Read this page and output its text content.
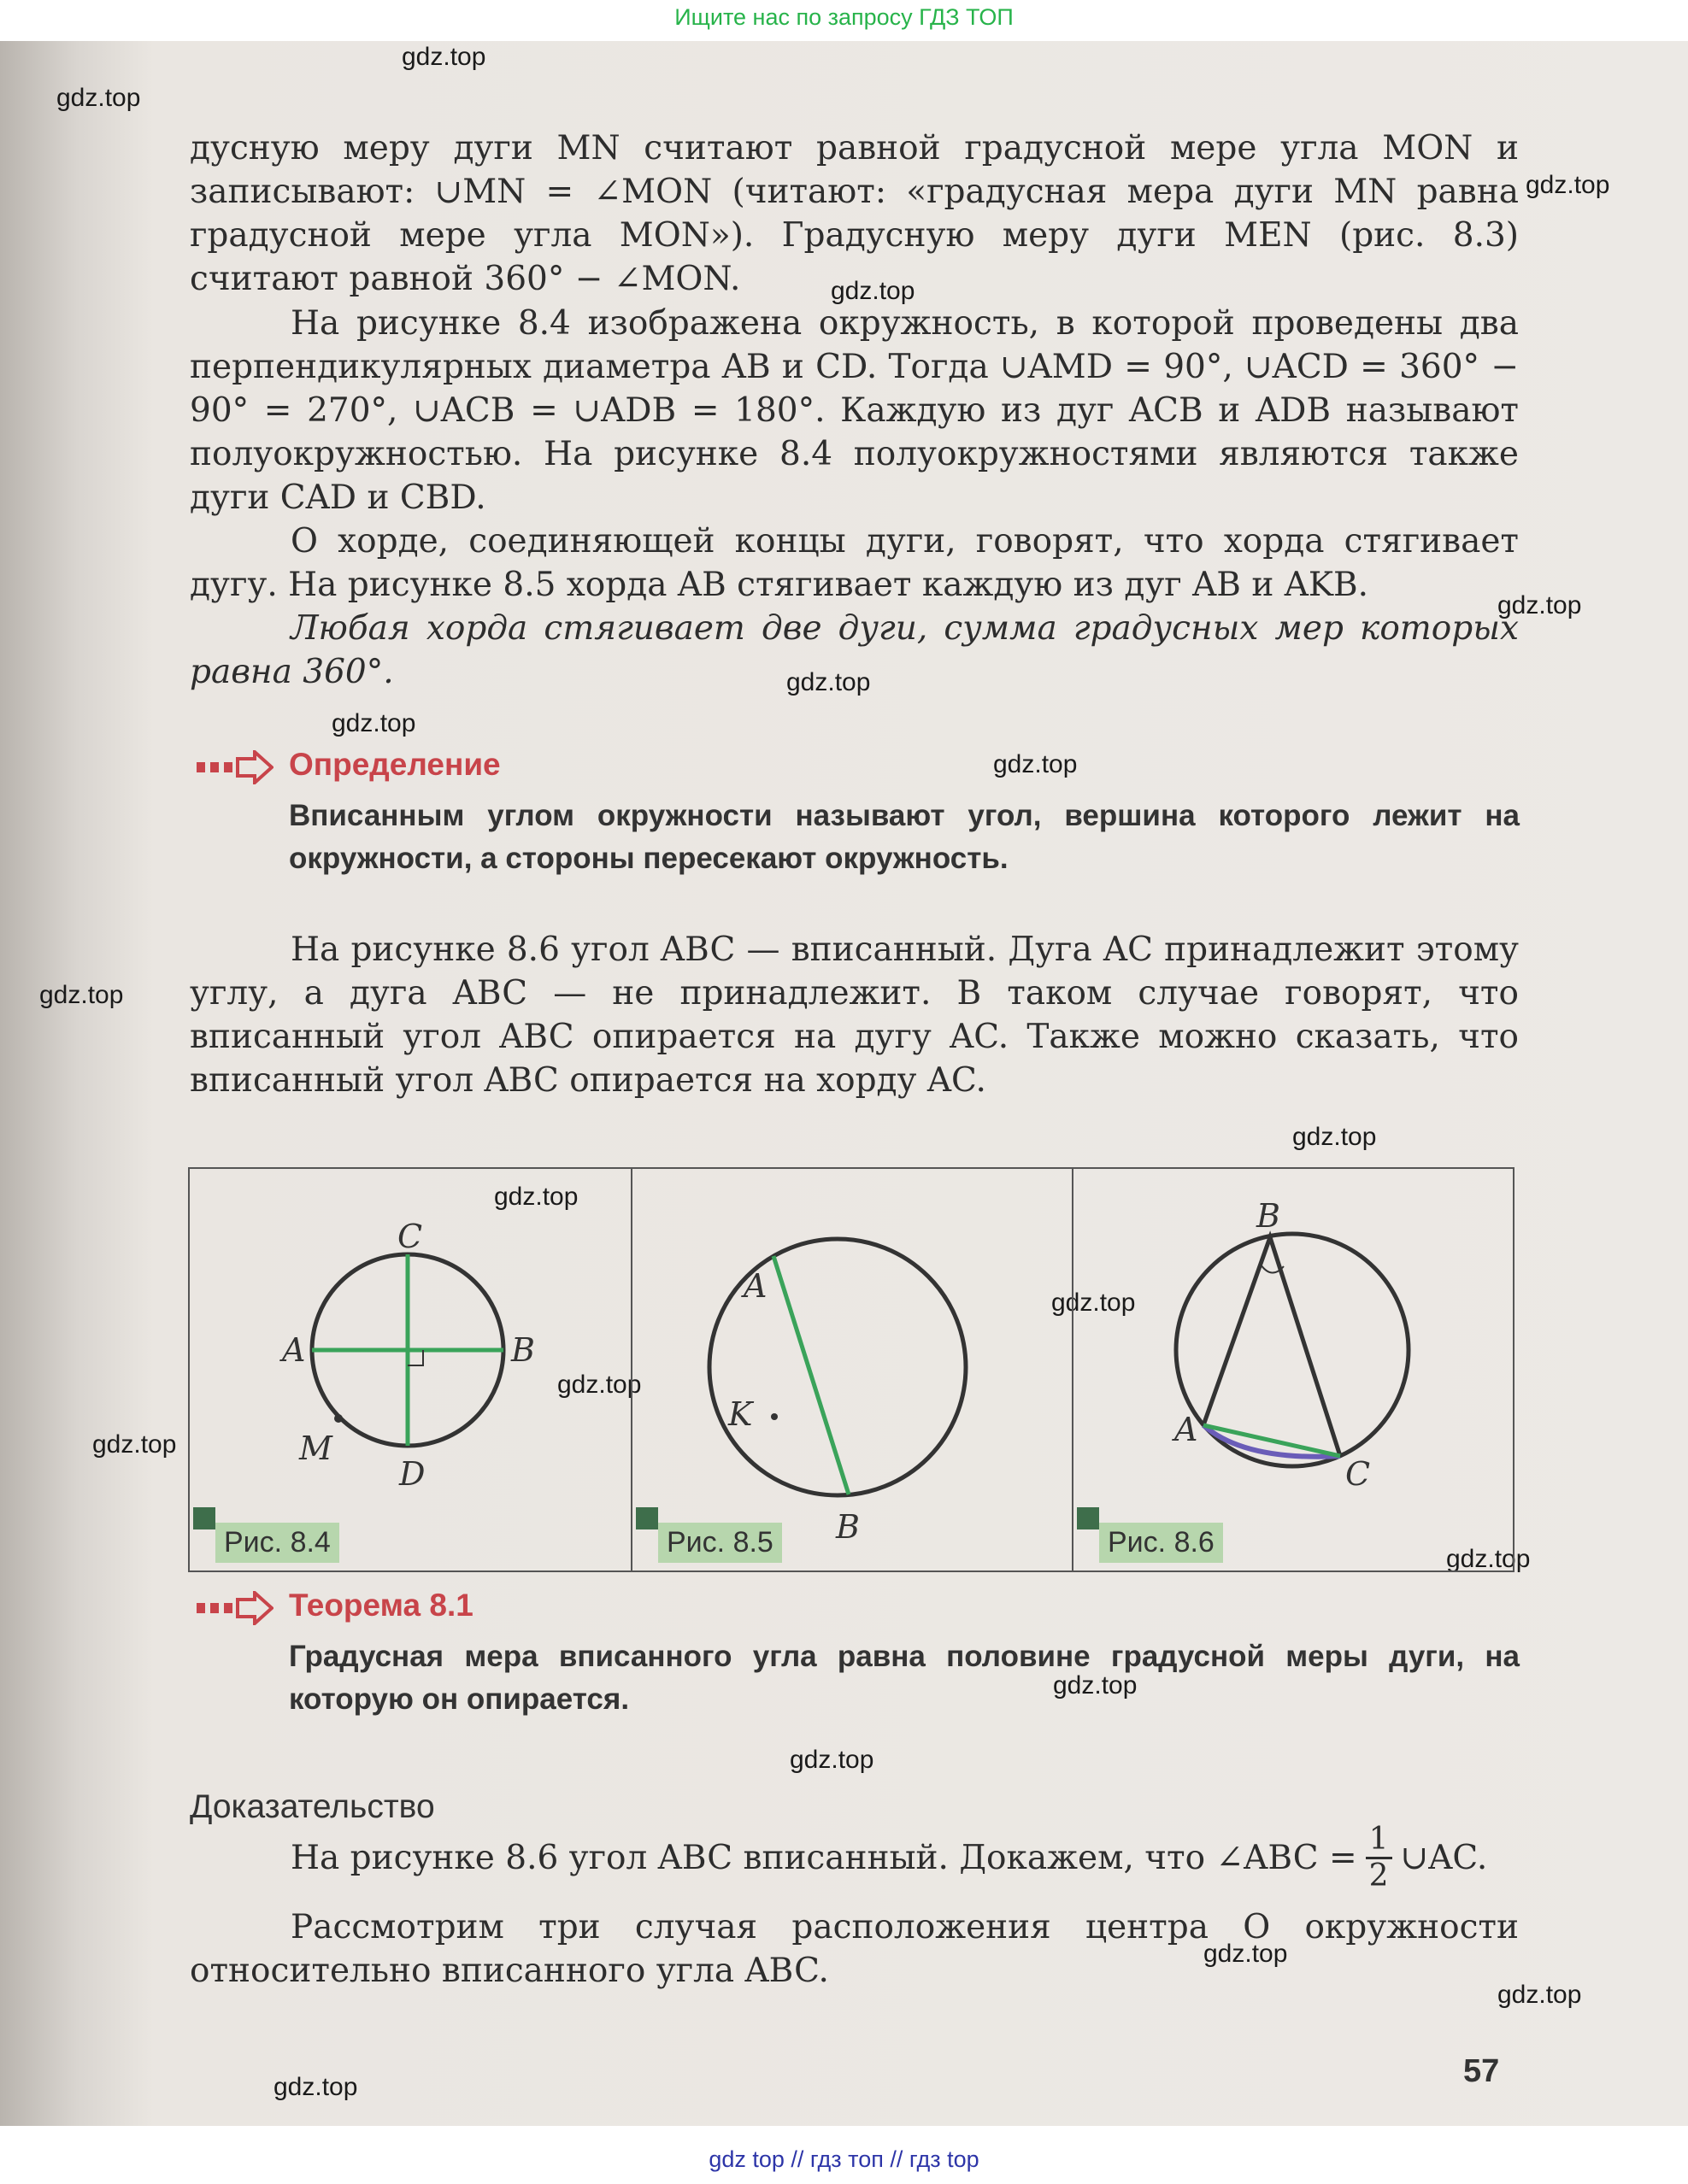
Ищите нас по запросу ГДЗ ТОП
gdz.top
gdz.top
gdz.top
gdz.top
gdz.top
gdz.top
gdz.top
gdz.top
gdz.top
gdz.top
gdz.top
gdz.top
gdz.top
gdz.top
gdz.top
gdz.top
gdz.top
gdz.top
gdz.top
gdz.top

дусную меру дуги MN считают равной градусной мере угла MON и записывают: ∪MN = ∠MON (читают: «градусная мера дуги MN равна градусной мере угла MON»). Градусную меру дуги MEN (рис. 8.3) считают равной 360° − ∠MON.

На рисунке 8.4 изображена окружность, в которой проведены два перпендикулярных диаметра AB и CD. Тогда ∪AMD = 90°, ∪ACD = 360° − 90° = 270°, ∪ACB = ∪ADB = 180°. Каждую из дуг ACB и ADB называют полуокружностью. На рисунке 8.4 полуокружностями являются также дуги CAD и CBD.

О хорде, соединяющей концы дуги, говорят, что хорда стягивает дугу. На рисунке 8.5 хорда AB стягивает каждую из дуг AB и AKB.

Любая хорда стягивает две дуги, сумма градусных мер которых равна 360°.

Определение
Вписанным углом окружности называют угол, вершина которого лежит на окружности, а стороны пересекают окружность.

На рисунке 8.6 угол ABC — вписанный. Дуга AC принадлежит этому углу, а дуга ABC — не принадлежит. В таком случае говорят, что вписанный угол ABC опирается на дугу AC. Также можно сказать, что вписанный угол ABC опирается на хорду AC.

C
A	B
M
D
Рис. 8.4
A
K
B
Рис. 8.5
B
A
C
Рис. 8.6
Теорема 8.1
Градусная мера вписанного угла равна половине градусной меры дуги, на которую он опирается.
Доказательство
На рисунке 8.6 угол ABC вписанный. Докажем, что ∠ABC = $\frac{1}{2}$ ∪AC.

Рассмотрим три случая расположения центра O окружности относительно вписанного угла ABC.

57
gdz top // гдз топ // гдз top
